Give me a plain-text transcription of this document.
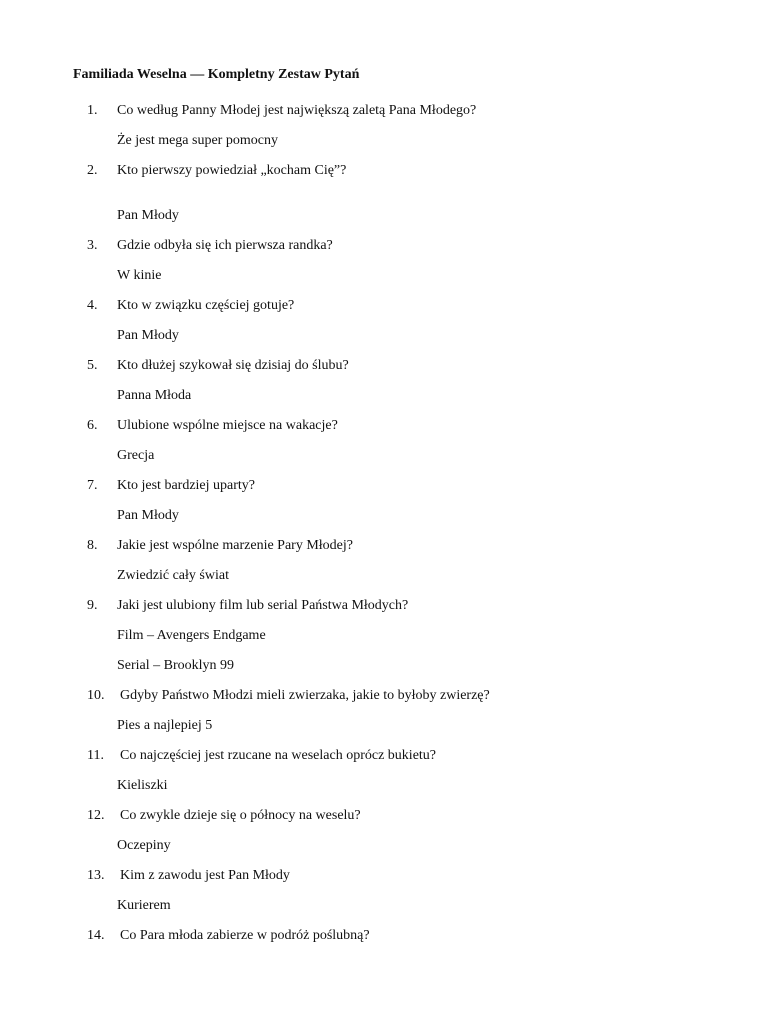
Familiada Weselna — Kompletny Zestaw Pytań
1. Co według Panny Młodej jest największą zaletą Pana Młodego?
Że jest mega super pomocny
2. Kto pierwszy powiedział „kocham Cię”?
Pan Młody
3. Gdzie odbyła się ich pierwsza randka?
W kinie
4. Kto w związku częściej gotuje?
Pan Młody
5. Kto dłużej szykował się dzisiaj do ślubu?
Panna Młoda
6. Ulubione wspólne miejsce na wakacje?
Grecja
7. Kto jest bardziej uparty?
Pan Młody
8. Jakie jest wspólne marzenie Pary Młodej?
Zwiedzić cały świat
9. Jaki jest ulubiony film lub serial Państwa Młodych?
Film – Avengers Endgame
Serial – Brooklyn 99
10. Gdyby Państwo Młodzi mieli zwierzaka, jakie to byłoby zwierzę?
Pies a najlepiej 5
11. Co najczęściej jest rzucane na weselach oprócz bukietu?
Kieliszki
12. Co zwykle dzieje się o północy na weselu?
Oczepiny
13. Kim z zawodu jest Pan Młody
Kurierem
14. Co Para młoda zabierze w podróż poślubną?
